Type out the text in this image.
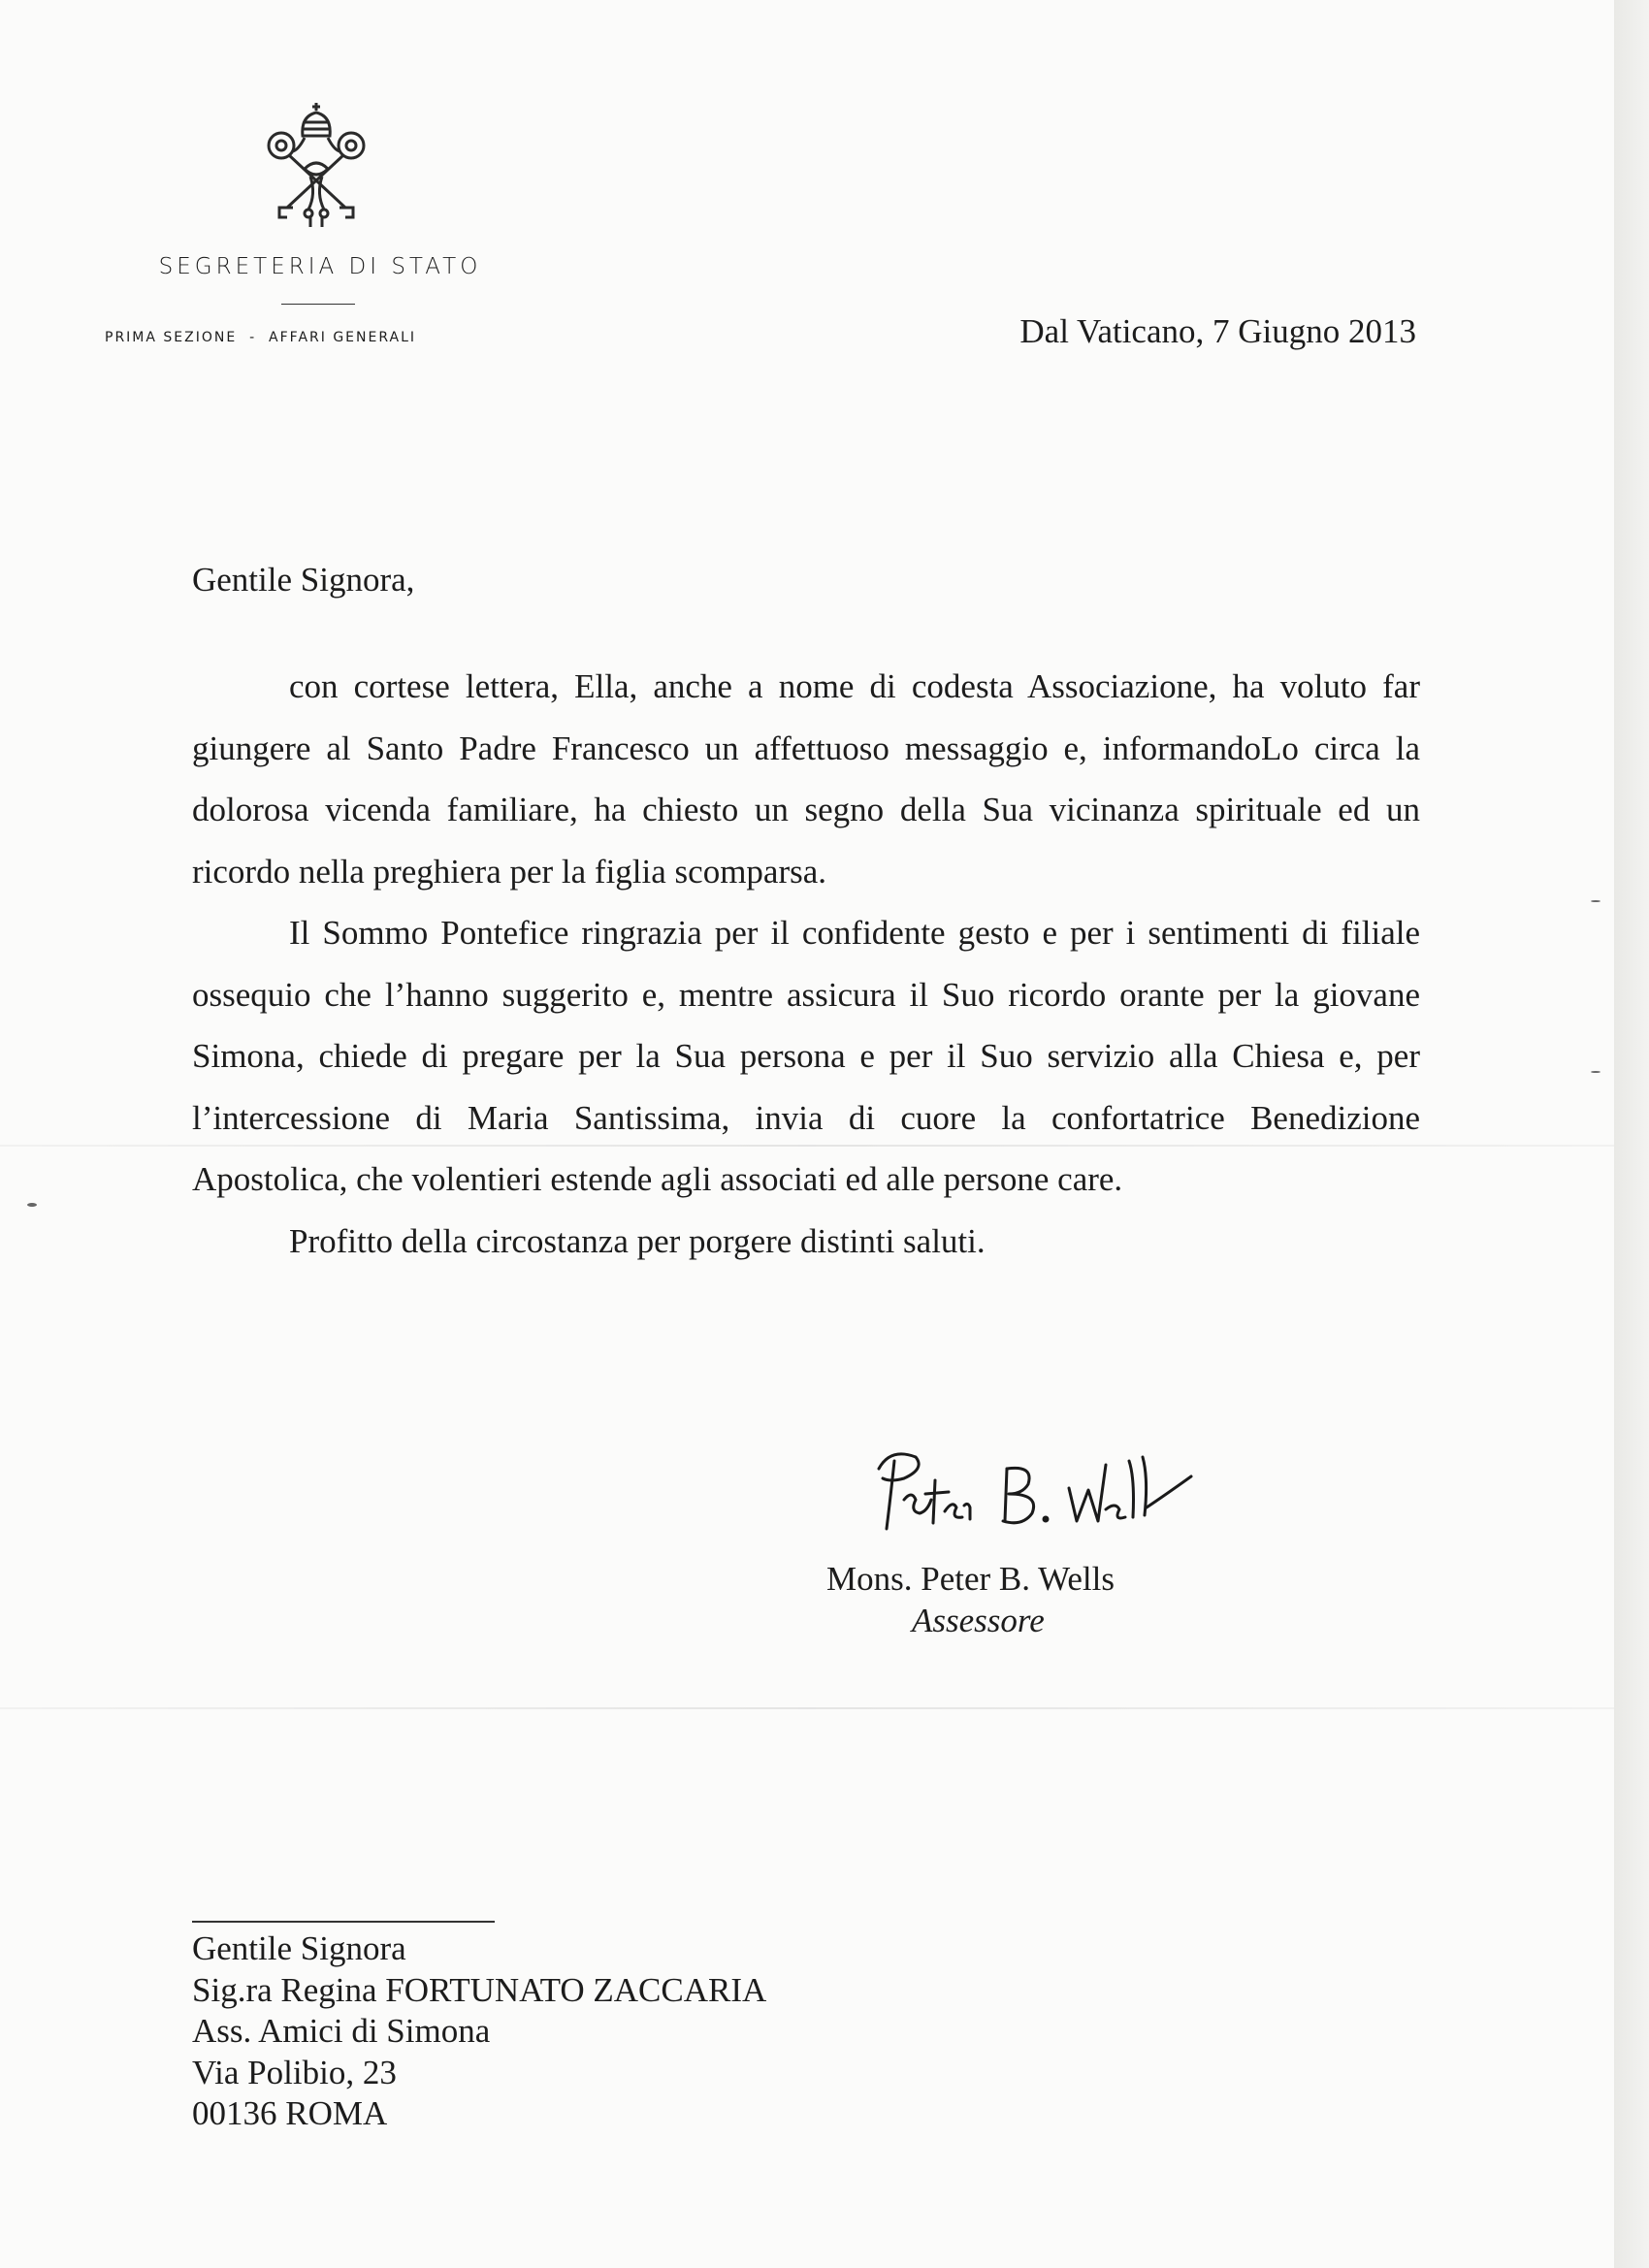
SEGRETERIA DI STATO
PRIMA SEZIONE  -  AFFARI GENERALI	Dal Vaticano, 7 Giugno 2013
Gentile Signora,

con cortese lettera, Ella, anche a nome di codesta Associazione, ha voluto far giungere al Santo Padre Francesco un affettuoso messaggio e, informandoLo circa la dolorosa vicenda familiare, ha chiesto un segno della Sua vicinanza spirituale ed un ricordo nella preghiera per la figlia scomparsa.

Il Sommo Pontefice ringrazia per il confidente gesto e per i sentimenti di filiale ossequio che l’hanno suggerito e, mentre assicura il Suo ricordo orante per la giovane Simona, chiede di pregare per la Sua persona e per il Suo servizio alla Chiesa e, per l’intercessione di Maria Santissima, invia di cuore la confortatrice Benedizione Apostolica, che volentieri estende agli associati ed alle persone care.

Profitto della circostanza per porgere distinti saluti.

Mons. Peter B. Wells
Assessore
Gentile Signora
Sig.ra Regina FORTUNATO ZACCARIA
Ass. Amici di Simona
Via Polibio, 23
00136 ROMA
